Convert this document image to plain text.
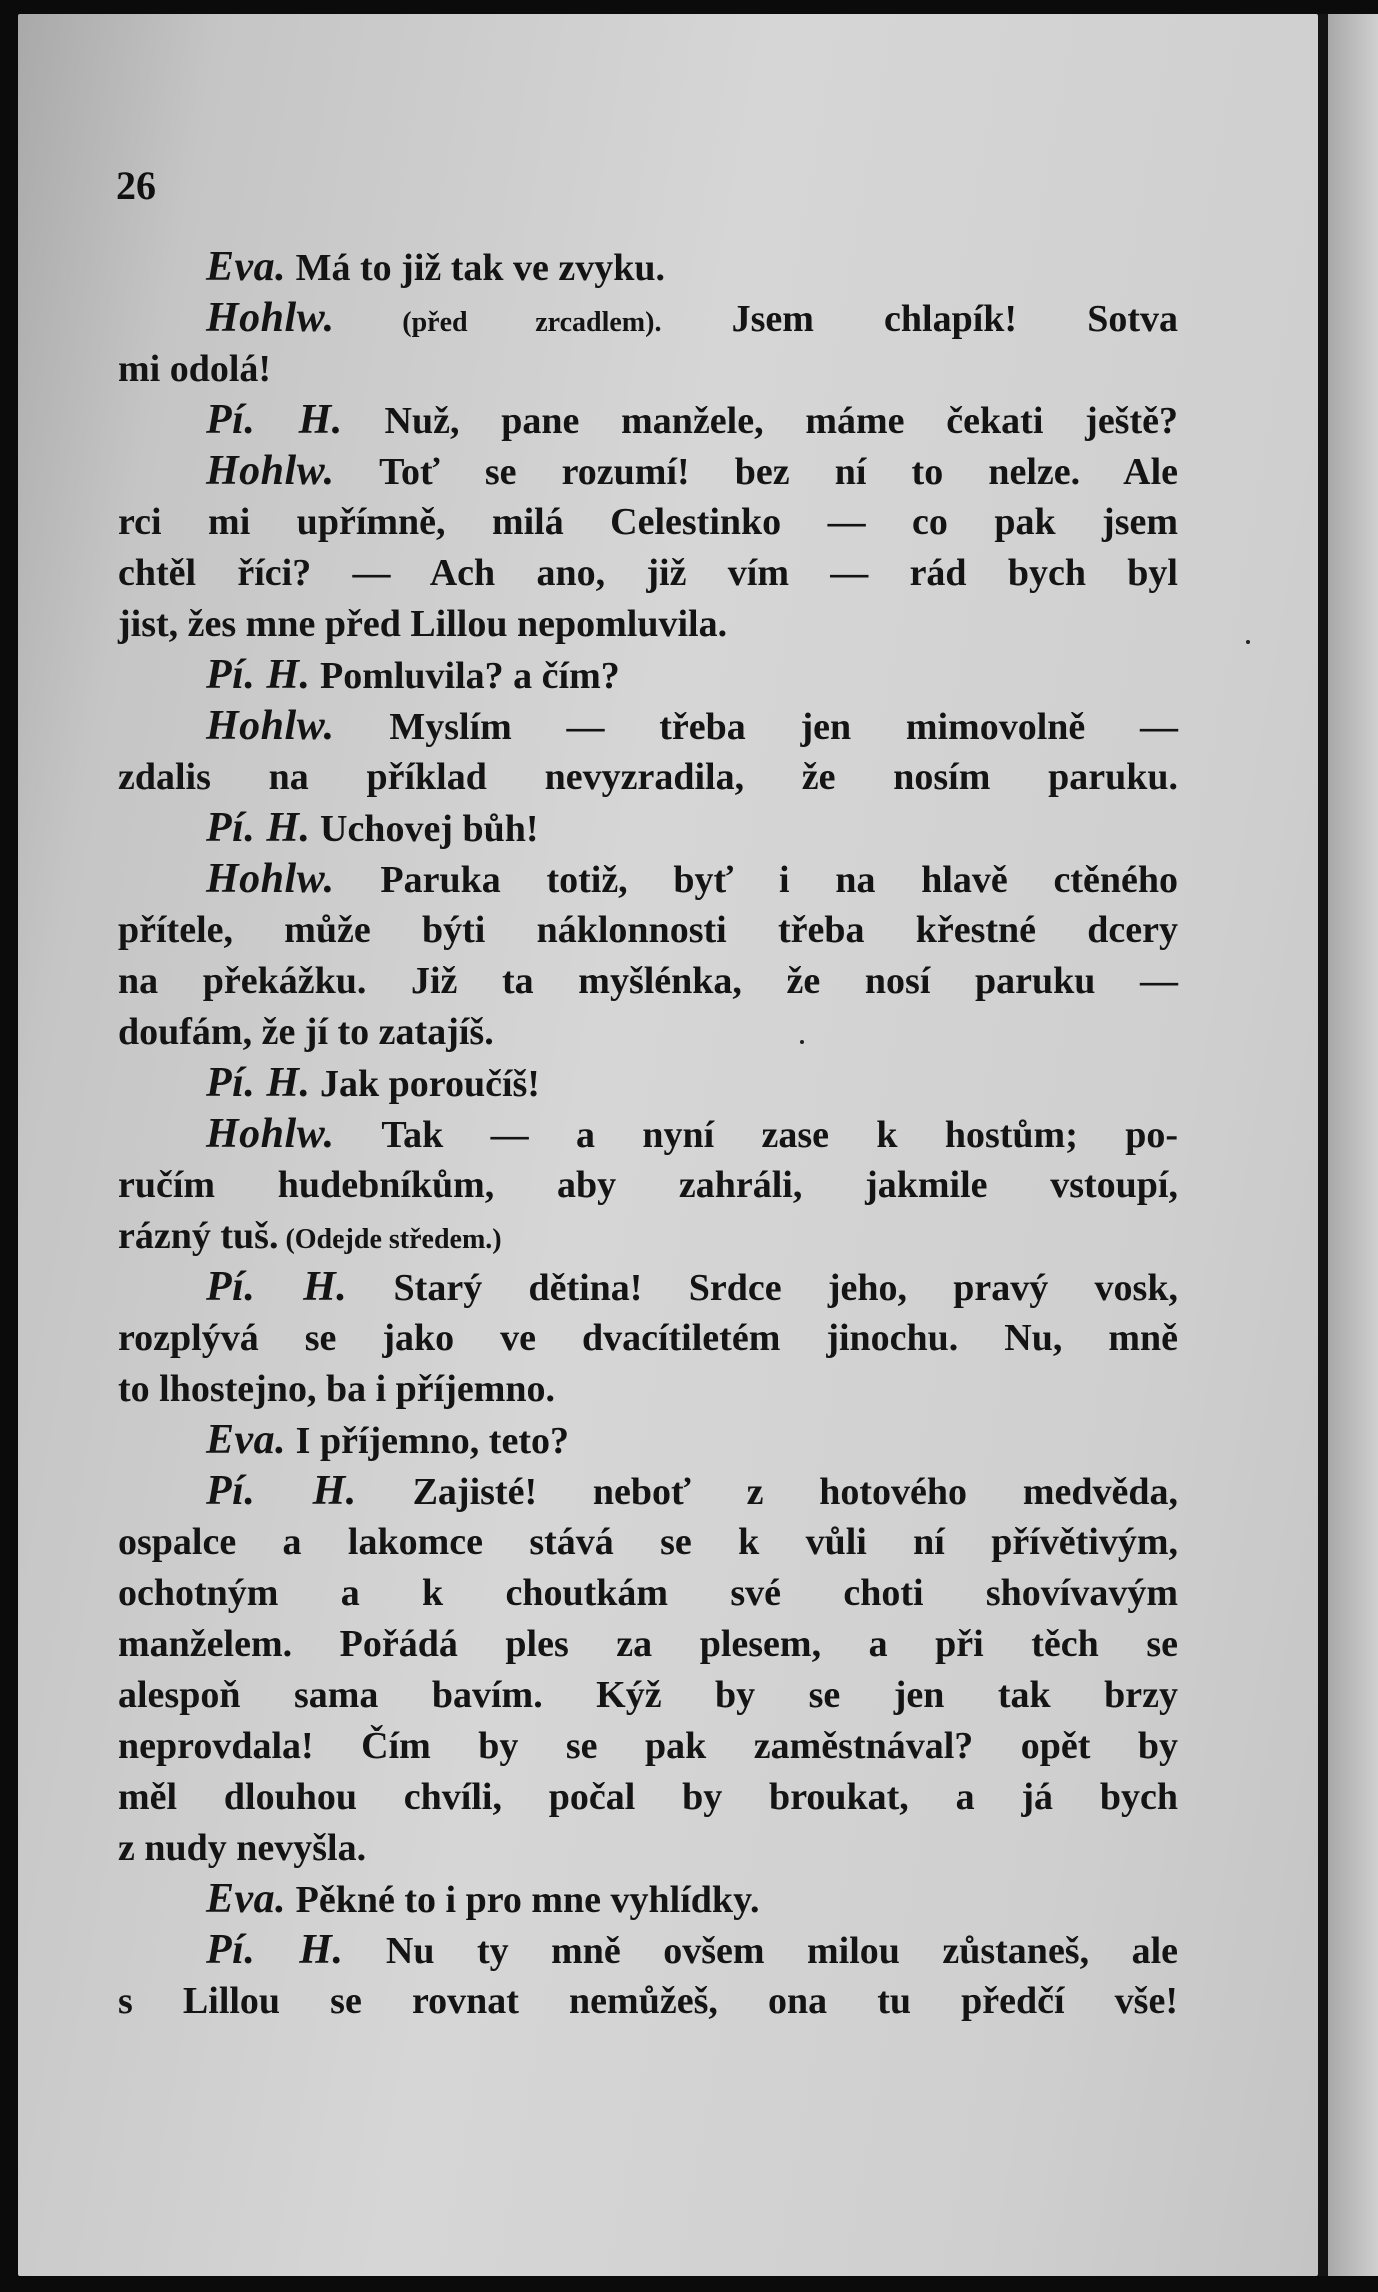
26
Eva. Má to již tak ve zvyku.
Hohlw. (před zrcadlem). Jsem chlapík! Sotva
mi odolá!
Pí. H. Nuž, pane manžele, máme čekati ještě?
Hohlw. Toť se rozumí! bez ní to nelze. Ale
rci mi upřímně, milá Celestinko — co pak jsem
chtěl říci? — Ach ano, již vím — rád bych byl
jist, žes mne před Lillou nepomluvila.
Pí. H. Pomluvila? a čím?
Hohlw. Myslím — třeba jen mimovolně —
zdalis na příklad nevyzradila, že nosím paruku.
Pí. H. Uchovej bůh!
Hohlw. Paruka totiž, byť i na hlavě ctěného
přítele, může býti náklonnosti třeba křestné dcery
na překážku. Již ta myšlénka, že nosí paruku —
doufám, že jí to zatajíš.
Pí. H. Jak poroučíš!
Hohlw. Tak — a nyní zase k hostům; po-
ručím hudebníkům, aby zahráli, jakmile vstoupí,
rázný tuš. (Odejde středem.)
Pí. H. Starý dětina! Srdce jeho, pravý vosk,
rozplývá se jako ve dvacítiletém jinochu. Nu, mně
to lhostejno, ba i příjemno.
Eva. I příjemno, teto?
Pí. H. Zajisté! neboť z hotového medvěda,
ospalce a lakomce stává se k vůli ní přívětivým,
ochotným a k choutkám své choti shovívavým
manželem. Pořádá ples za plesem, a při těch se
alespoň sama bavím. Kýž by se jen tak brzy
neprovdala! Čím by se pak zaměstnával? opět by
měl dlouhou chvíli, počal by broukat, a já bych
z nudy nevyšla.
Eva. Pěkné to i pro mne vyhlídky.
Pí. H. Nu ty mně ovšem milou zůstaneš, ale
s Lillou se rovnat nemůžeš, ona tu předčí vše!
